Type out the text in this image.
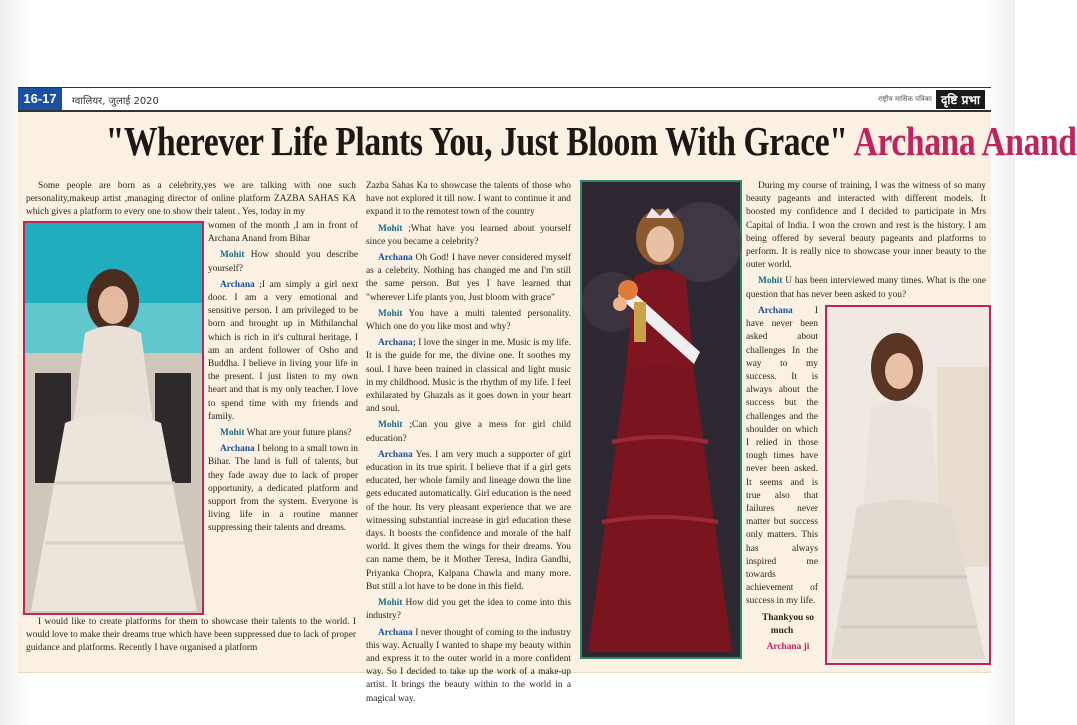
16-17	ग्वालियर, जुलाई 2020	राष्ट्रीय मासिक पत्रिका दृष्टि प्रभा
"Wherever Life Plants You, Just Bloom With Grace" Archana Anand

Some people are born as a celebrity,yes we are talking with one such personality,makeup artist ,managing director of online platform ZAZBA SAHAS KA which gives a platform to every one to show their talent . Yes, today in my

women of the month ,I am in front of Archana Anand from Bihar

Mohit How should you describe yourself?

Archana ;I am simply a girl next door. I am a very emotional and sensitive person. I am privileged to be born and brought up in Mithilanchal which is rich in it's cultural heritage. I am an ardent follower of Osho and Buddha. I believe in living your life in the present. I just listen to my own heart and that is my only teacher. I love to spend time with my friends and family.

Mohit What are your future plans?

Archana I belong to a small town in Bihar. The land is full of talents, but they fade away due to lack of proper opportunity, a dedicated platform and support from the system. Everyone is living life in a routine manner suppressing their talents and dreams.

I would like to create platforms for them to showcase their talents to the world. I would love to make their dreams true which have been suppressed due to lack of proper guidance and platforms. Recently I have organised a platform

Zazba Sahas Ka to showcase the talents of those who have not explored it till now. I want to continue it and expand it to the remotest town of the country

Mohit ;What have you learned about yourself since you became a celebrity?

Archana Oh God! I have never considered myself as a celebrity. Nothing has changed me and I'm still the same person. But yes I have learned that "wherever Life plants you, Just bloom with grace"

Mohit You have a multi talented personality. Which one do you like most and why?

Archana; I love the singer in me. Music is my life. It is the guide for me, the divine one. It soothes my soul. I have been trained in classical and light music in my childhood. Music is the rhythm of my life. I feel exhilarated by Ghazals as it goes down in your heart and soul.

Mohit ;Can you give a mess for girl child education?

Archana Yes. I am very much a supporter of girl education in its true spirit. I believe that if a girl gets educated, her whole family and lineage down the line gets educated automatically. Girl education is the need of the hour. Its very pleasant experience that we are witnessing substantial increase in girl education these days. It boosts the confidence and morale of the half world. It gives them the wings for their dreams. You can name them, be it Mother Teresa, Indira Gandhi, Priyanka Chopra, Kalpana Chawla and many more. But still a lot have to be done in this field.

Mohit How did you get the idea to come into this industry?

Archana I never thought of coming to the industry this way. Actually I wanted to shape my beauty within and express it to the outer world in a more confident way. So I decided to take up the work of a make-up artist. It brings the beauty within to the world in a magical way.

During my course of training, I was the witness of so many beauty pageants and interacted with different models. It boosted my confidence and I decided to participate in Mrs Capital of India. I won the crown and rest is the history. I am being offered by several beauty pageants and platforms to perform. It is really nice to showcase your inner beauty to the outer world.

Mohit U has been interviewed many times. What is the one question that has never been asked to you?

Archana I have never been asked about challenges In the way to my success. It is always about the success but the challenges and the shoulder on which I relied in those tough times have never been asked. It seems and is true also that failures never matter but success only matters. This has always inspired me towards achievement of success in my life.

Thankyou so much

Archana ji
